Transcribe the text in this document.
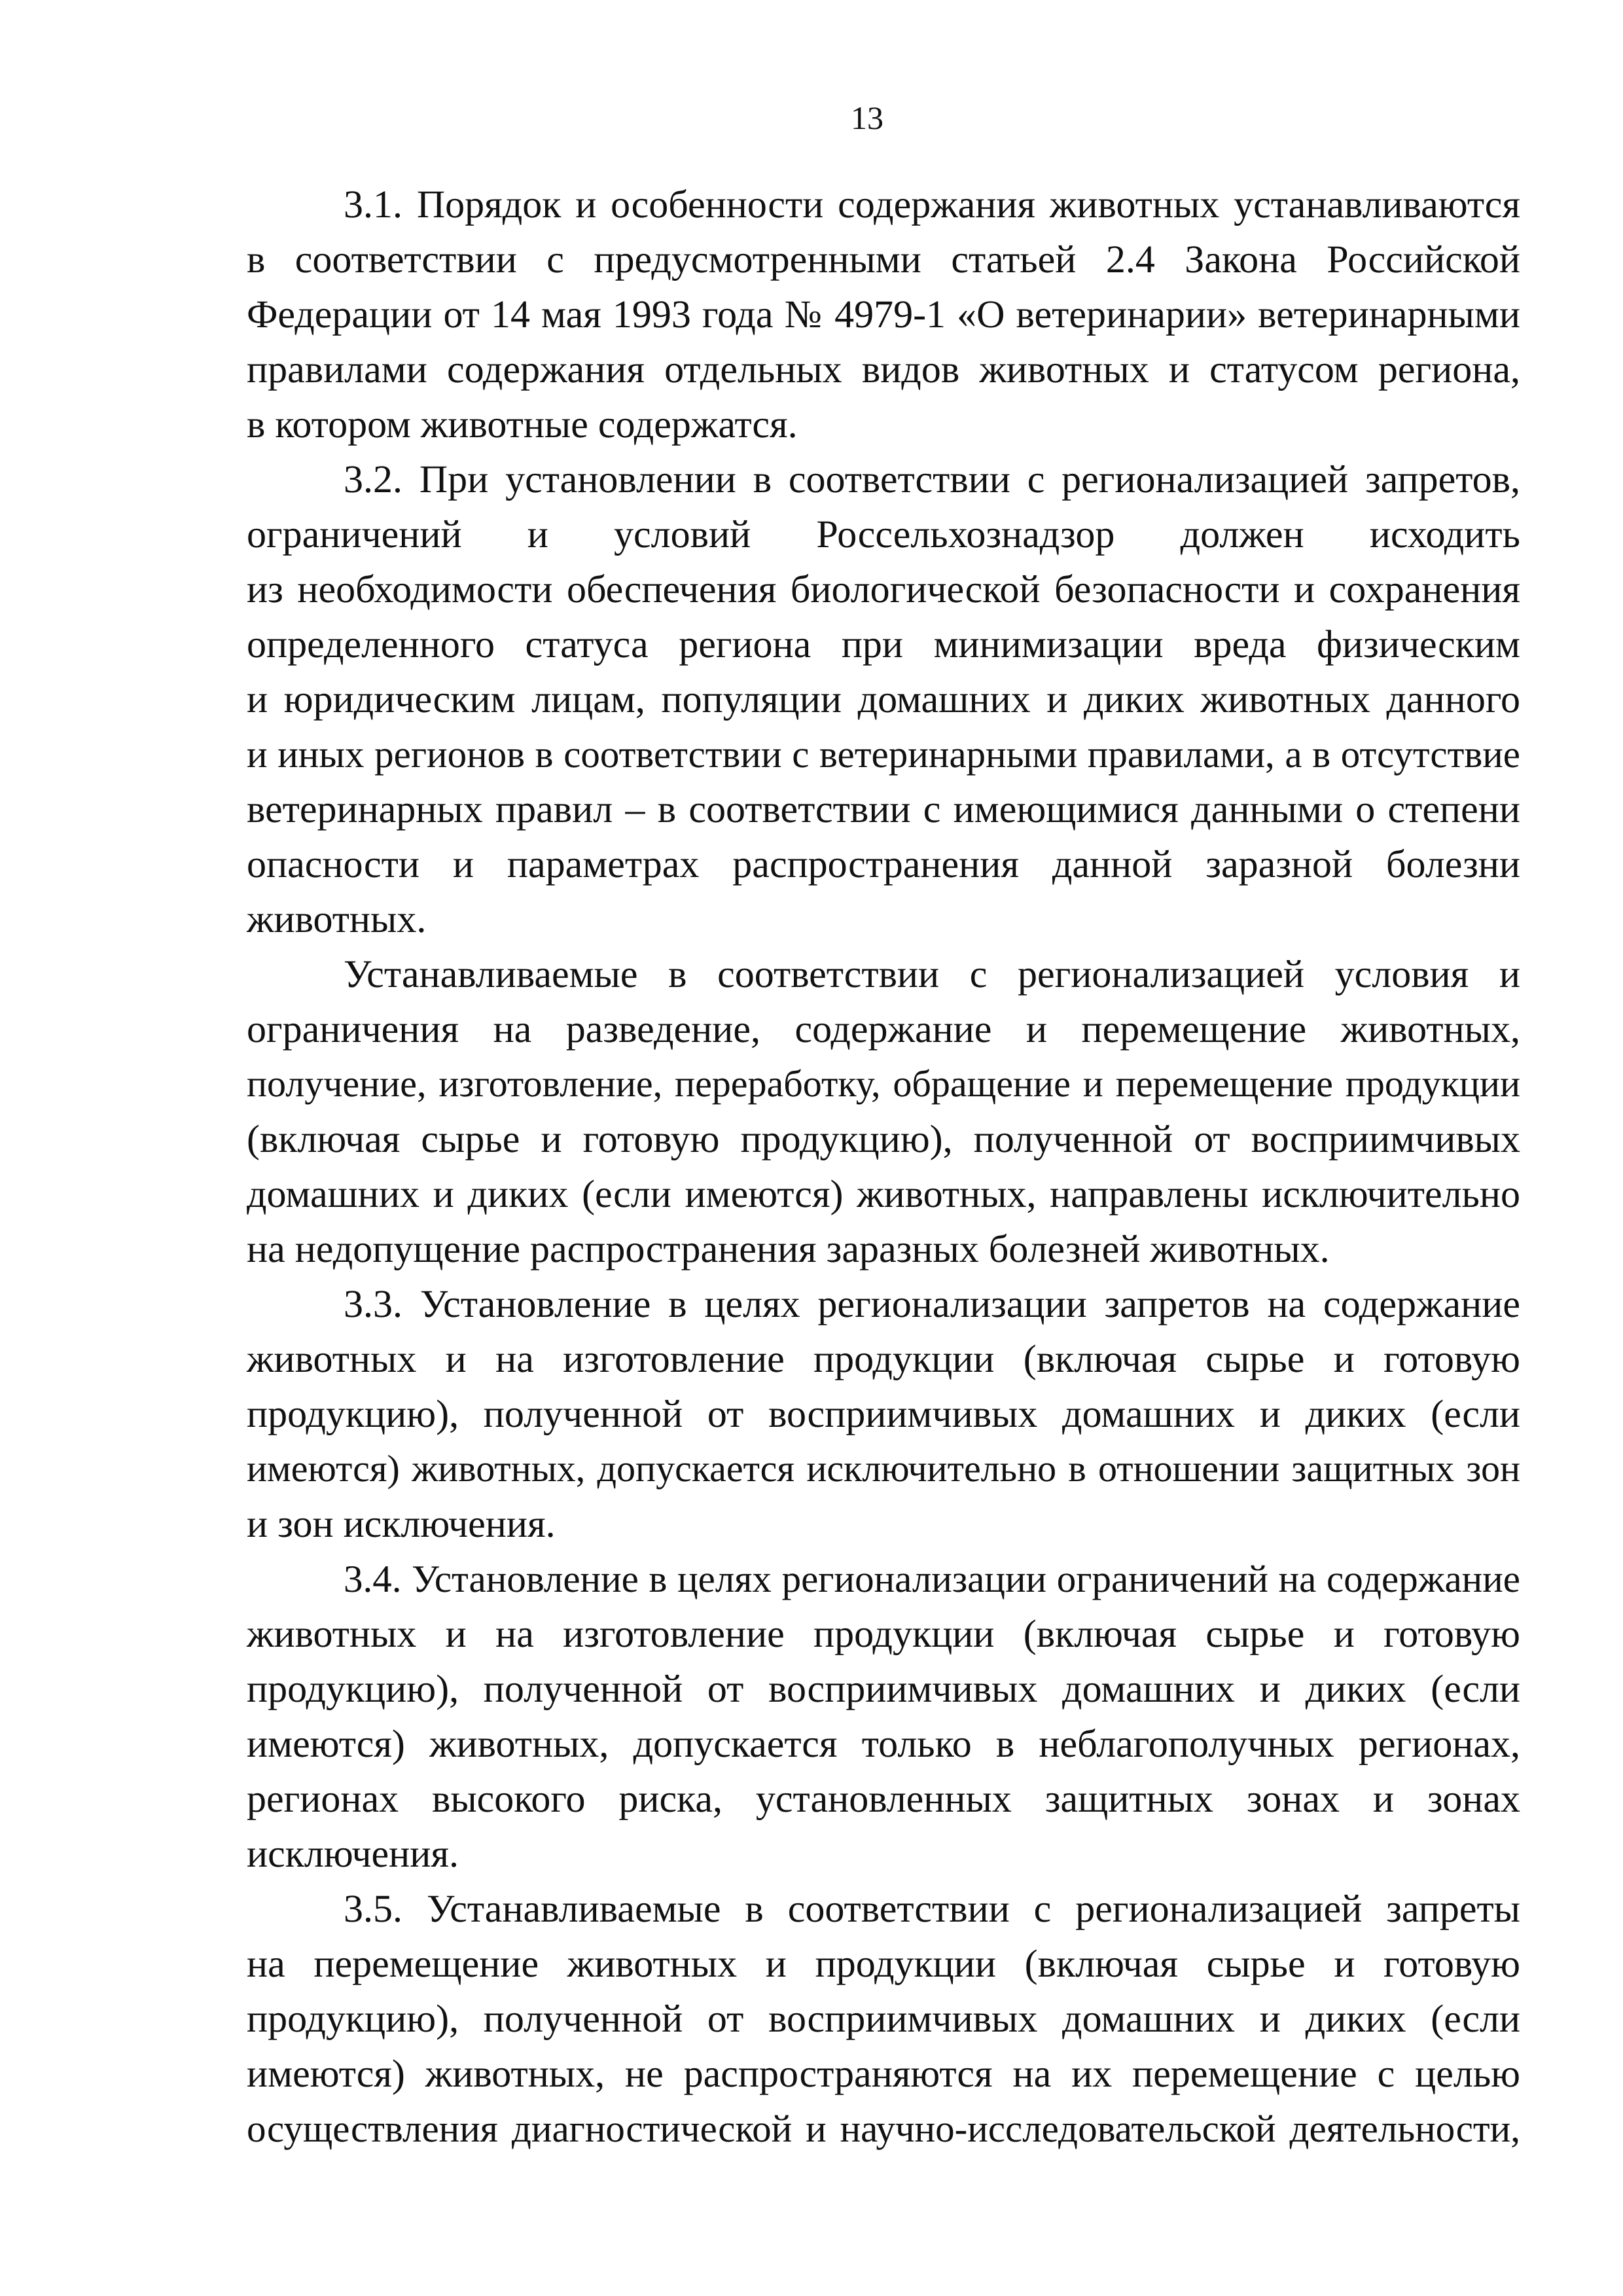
13
3.1. Порядок и особенности содержания животных устанавливаются
в соответствии с предусмотренными статьей 2.4 Закона Российской
Федерации от 14 мая 1993 года № 4979-1 «О ветеринарии» ветеринарными
правилами содержания отдельных видов животных и статусом региона,
в котором животные содержатся.
3.2. При установлении в соответствии с регионализацией запретов,
ограничений и условий Россельхознадзор должен исходить
из необходимости обеспечения биологической безопасности и сохранения
определенного статуса региона при минимизации вреда физическим
и юридическим лицам, популяции домашних и диких животных данного
и иных регионов в соответствии с ветеринарными правилами, а в отсутствие
ветеринарных правил – в соответствии с имеющимися данными о степени
опасности и параметрах распространения данной заразной болезни
животных.
Устанавливаемые в соответствии с регионализацией условия и
ограничения на разведение, содержание и перемещение животных,
получение, изготовление, переработку, обращение и перемещение продукции
(включая сырье и готовую продукцию), полученной от восприимчивых
домашних и диких (если имеются) животных, направлены исключительно
на недопущение распространения заразных болезней животных.
3.3. Установление в целях регионализации запретов на содержание
животных и на изготовление продукции (включая сырье и готовую
продукцию), полученной от восприимчивых домашних и диких (если
имеются) животных, допускается исключительно в отношении защитных зон
и зон исключения.
3.4. Установление в целях регионализации ограничений на содержание
животных и на изготовление продукции (включая сырье и готовую
продукцию), полученной от восприимчивых домашних и диких (если
имеются) животных, допускается только в неблагополучных регионах,
регионах высокого риска, установленных защитных зонах и зонах
исключения.
3.5. Устанавливаемые в соответствии с регионализацией запреты
на перемещение животных и продукции (включая сырье и готовую
продукцию), полученной от восприимчивых домашних и диких (если
имеются) животных, не распространяются на их перемещение с целью
осуществления диагностической и научно-исследовательской деятельности,
